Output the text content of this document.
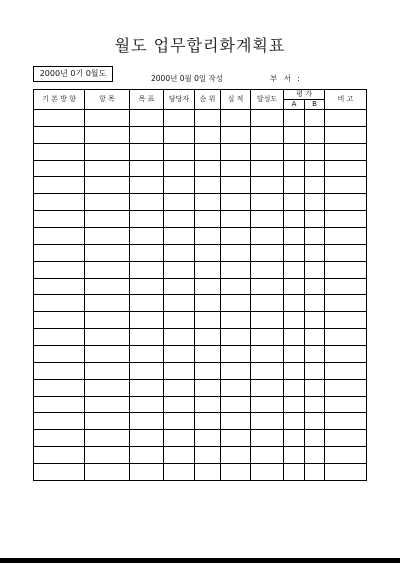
월도 업무합리화계획표
2000년 0기 0월도
2000년 0월 0일 작성	부 서 :
기 본 방 향	항 목	목 표	담당자	순 위	실 적	달성도	평 가		비 고
							A	B	
